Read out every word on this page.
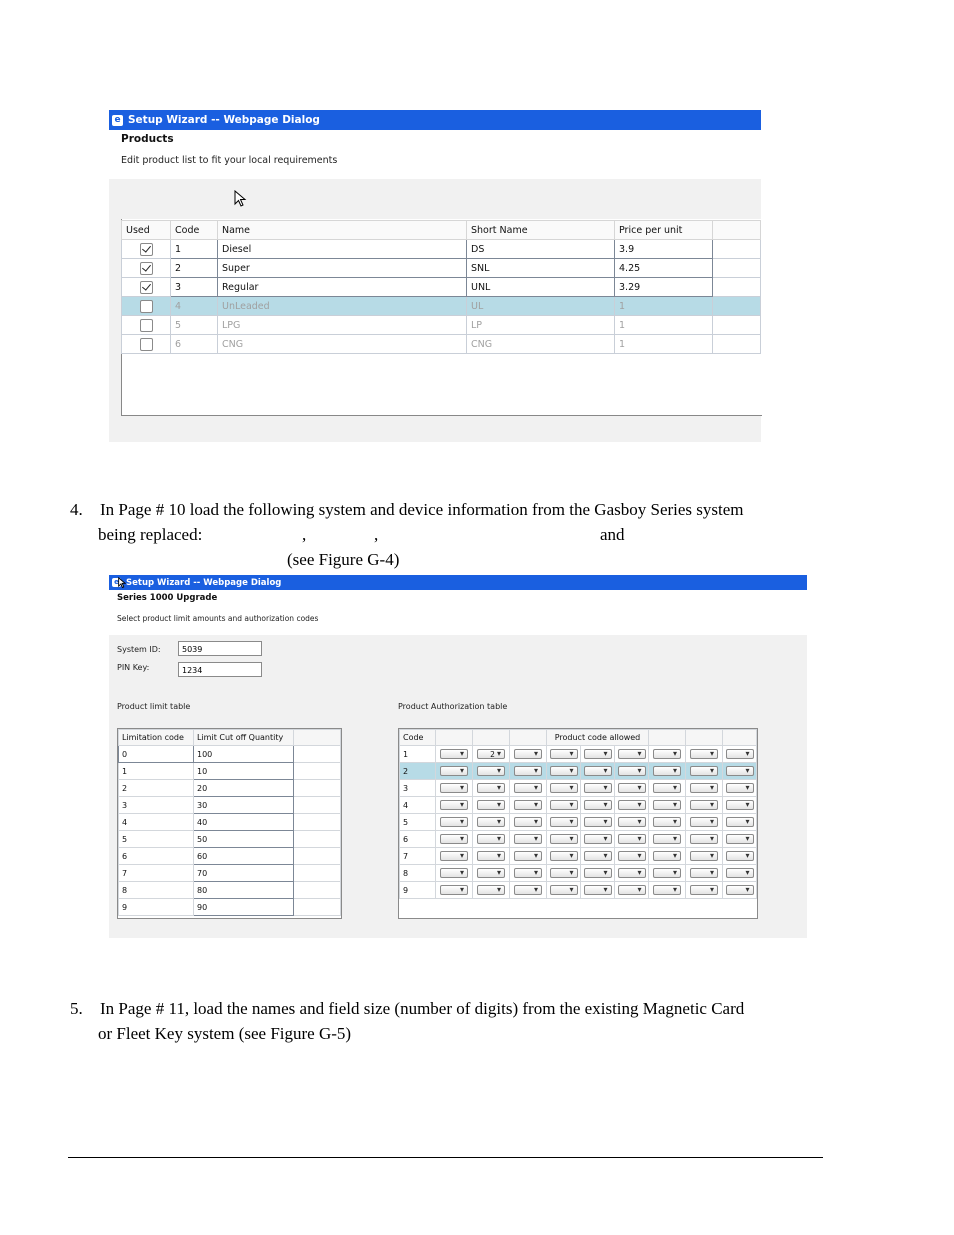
e Setup Wizard -- Webpage Dialog
Products
Edit product list to fit your local requirements
Used	Code	Name	Short Name	Price per unit	
	1	Diesel	DS	3.9	
	2	Super	SNL	4.25	
	3	Regular	UNL	3.29	
	4	UnLeaded	UL	1	
	5	LPG	LP	1	
	6	CNG	CNG	1	
4. In Page # 10 load the following system and device information from the Gasboy Series system
being replaced:	,	,	and
(see Figure G-4)
e Setup Wizard -- Webpage Dialog
Series 1000 Upgrade
Select product limit amounts and authorization codes
System ID:	5039
PIN Key:	1234
Product limit table	Product Authorization table
Limitation code	Limit Cut off Quantity	
0	100	
1	10	
2	20	
3	30	
4	40	
5	50	
6	60	
7	70	
8	80	
9	90	
Code				Product code allowed					
1	▾	2 ▾	▾	▾	▾	▾	▾	▾	▾
2	▾	▾	▾	▾	▾	▾	▾	▾	▾
3	▾	▾	▾	▾	▾	▾	▾	▾	▾
4	▾	▾	▾	▾	▾	▾	▾	▾	▾
5	▾	▾	▾	▾	▾	▾	▾	▾	▾
6	▾	▾	▾	▾	▾	▾	▾	▾	▾
7	▾	▾	▾	▾	▾	▾	▾	▾	▾
8	▾	▾	▾	▾	▾	▾	▾	▾	▾
9	▾	▾	▾	▾	▾	▾	▾	▾	▾
5. In Page # 11, load the names and field size (number of digits) from the existing Magnetic Card
or Fleet Key system (see Figure G-5)
